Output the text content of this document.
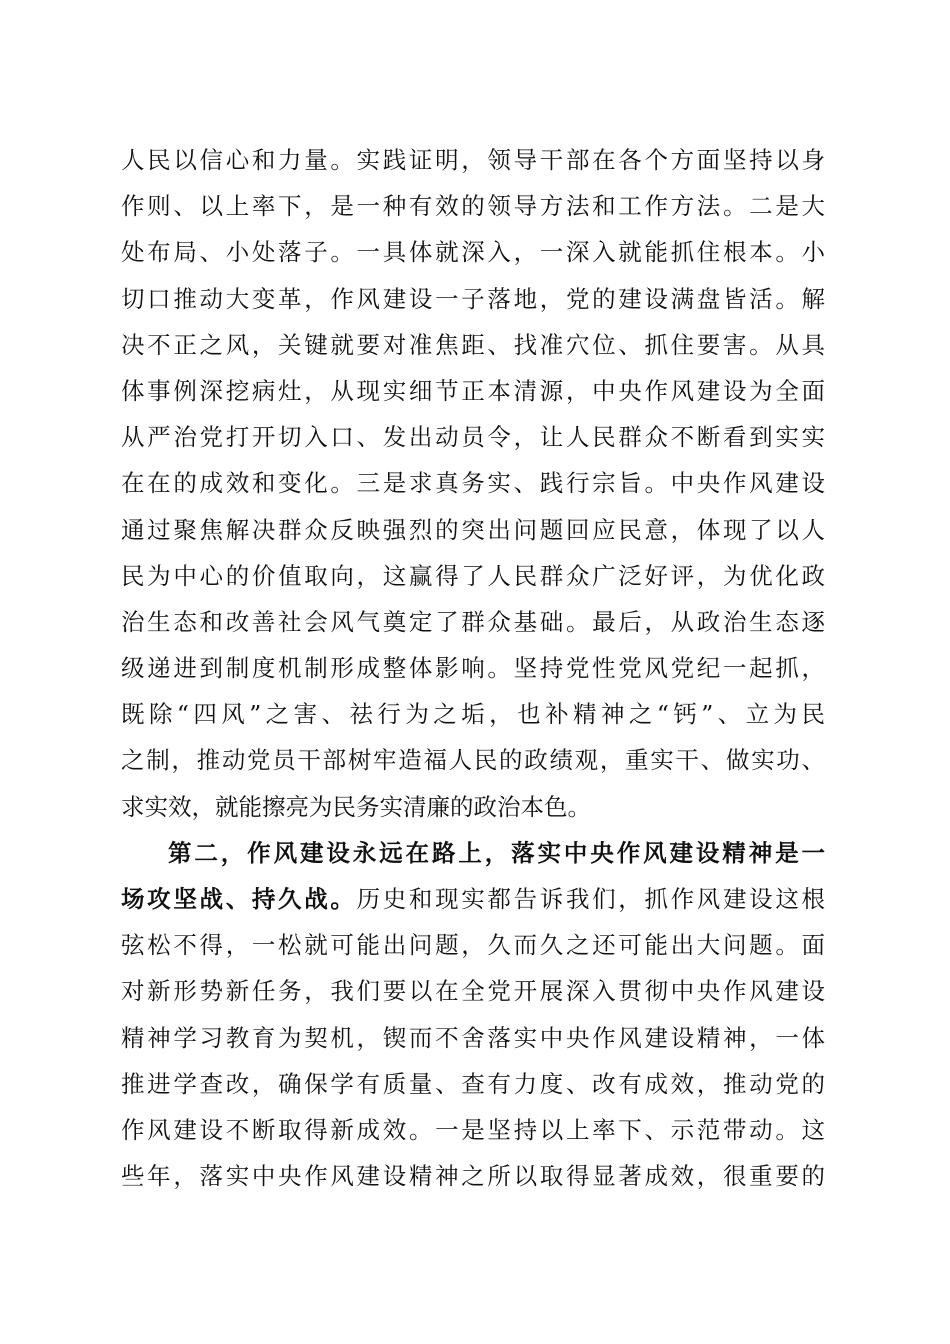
人民以信心和力量。实践证明，领导干部在各个方面坚持以身
作则、以上率下，是一种有效的领导方法和工作方法。二是大
处布局、小处落子。一具体就深入，一深入就能抓住根本。小
切口推动大变革，作风建设一子落地，党的建设满盘皆活。解
决不正之风，关键就要对准焦距、找准穴位、抓住要害。从具
体事例深挖病灶，从现实细节正本清源，中央作风建设为全面
从严治党打开切入口、发出动员令，让人民群众不断看到实实
在在的成效和变化。三是求真务实、践行宗旨。中央作风建设
通过聚焦解决群众反映强烈的突出问题回应民意，体现了以人
民为中心的价值取向，这赢得了人民群众广泛好评，为优化政
治生态和改善社会风气奠定了群众基础。最后，从政治生态逐
级递进到制度机制形成整体影响。坚持党性党风党纪一起抓，
既除“四风”之害、祛行为之垢，也补精神之“钙”、立为民
之制，推动党员干部树牢造福人民的政绩观，重实干、做实功、
求实效，就能擦亮为民务实清廉的政治本色。
第二，作风建设永远在路上，落实中央作风建设精神是一
场攻坚战、持久战。历史和现实都告诉我们，抓作风建设这根
弦松不得，一松就可能出问题，久而久之还可能出大问题。面
对新形势新任务，我们要以在全党开展深入贯彻中央作风建设
精神学习教育为契机，锲而不舍落实中央作风建设精神，一体
推进学查改，确保学有质量、查有力度、改有成效，推动党的
作风建设不断取得新成效。一是坚持以上率下、示范带动。这
些年，落实中央作风建设精神之所以取得显著成效，很重要的
